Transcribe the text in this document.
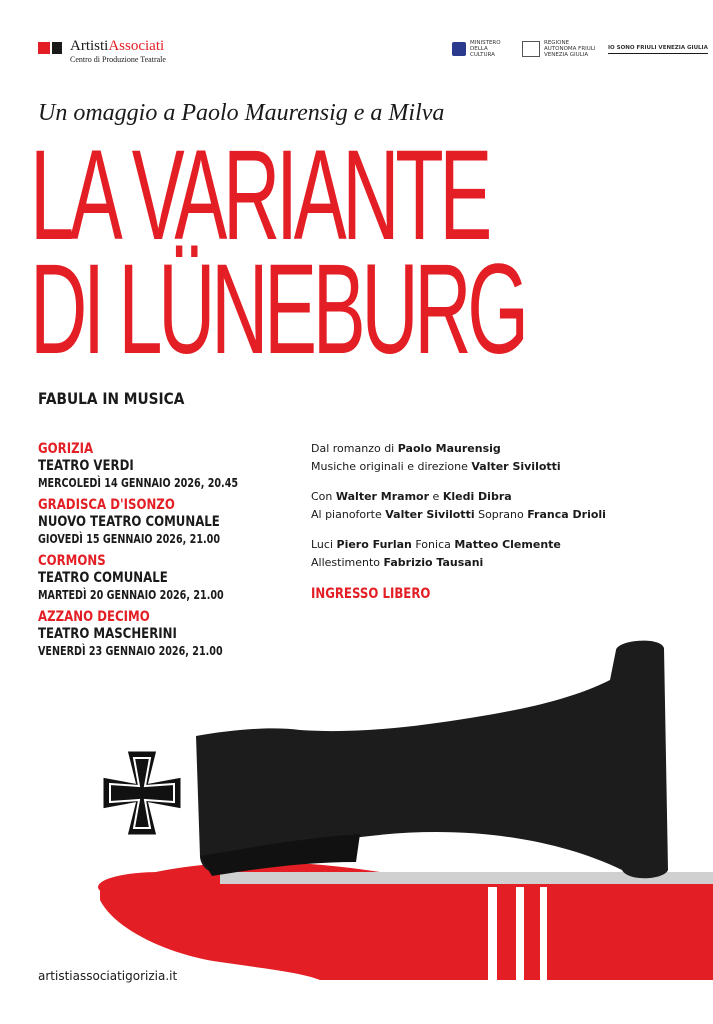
ArtistiAssociati
Centro di Produzione Teatrale
MINISTERO DELLA CULTURA
REGIONE AUTONOMA FRIULI VENEZIA GIULIA
IO SONO FRIULI VENEZIA GIULIA
Un omaggio a Paolo Maurensig e a Milva
LA VARIANTE
DI LÜNEBURG
FABULA IN MUSICA
GORIZIA
TEATRO VERDI
MERCOLEDÌ 14 GENNAIO 2026, 20.45
GRADISCA D'ISONZO
NUOVO TEATRO COMUNALE
GIOVEDÌ 15 GENNAIO 2026, 21.00
CORMONS
TEATRO COMUNALE
MARTEDÌ 20 GENNAIO 2026, 21.00
AZZANO DECIMO
TEATRO MASCHERINI
VENERDÌ 23 GENNAIO 2026, 21.00
Dal romanzo di Paolo Maurensig
Musiche originali e direzione Valter Sivilotti
Con Walter Mramor e Kledi Dibra
Al pianoforte Valter Sivilotti Soprano Franca Drioli
Luci Piero Furlan Fonica Matteo Clemente
Allestimento Fabrizio Tausani
INGRESSO LIBERO
artistiassociatigorizia.it
